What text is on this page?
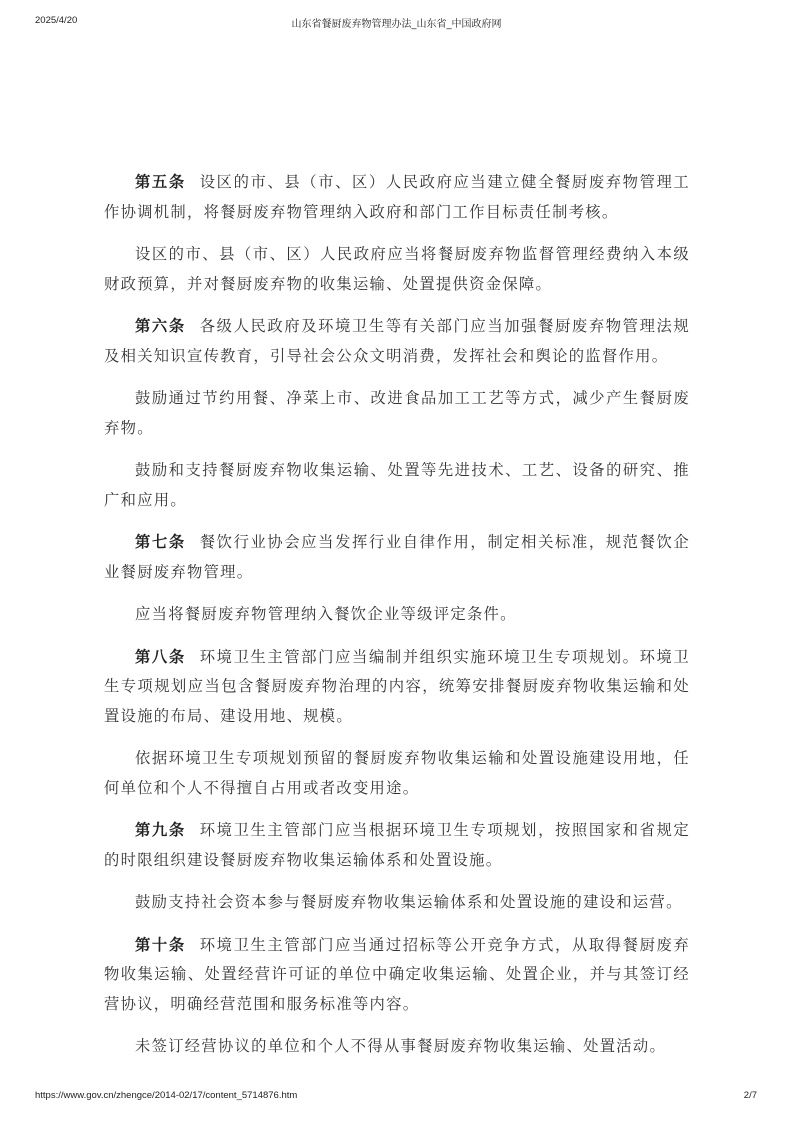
2025/4/20	山东省餐厨废弃物管理办法_山东省_中国政府网

第五条 设区的市、县（市、区）人民政府应当建立健全餐厨废弃物管理工作协调机制，将餐厨废弃物管理纳入政府和部门工作目标责任制考核。

设区的市、县（市、区）人民政府应当将餐厨废弃物监督管理经费纳入本级财政预算，并对餐厨废弃物的收集运输、处置提供资金保障。

第六条 各级人民政府及环境卫生等有关部门应当加强餐厨废弃物管理法规及相关知识宣传教育，引导社会公众文明消费，发挥社会和舆论的监督作用。

鼓励通过节约用餐、净菜上市、改进食品加工工艺等方式，减少产生餐厨废弃物。

鼓励和支持餐厨废弃物收集运输、处置等先进技术、工艺、设备的研究、推广和应用。

第七条 餐饮行业协会应当发挥行业自律作用，制定相关标准，规范餐饮企业餐厨废弃物管理。

应当将餐厨废弃物管理纳入餐饮企业等级评定条件。

第八条 环境卫生主管部门应当编制并组织实施环境卫生专项规划。环境卫生专项规划应当包含餐厨废弃物治理的内容，统筹安排餐厨废弃物收集运输和处置设施的布局、建设用地、规模。

依据环境卫生专项规划预留的餐厨废弃物收集运输和处置设施建设用地，任何单位和个人不得擅自占用或者改变用途。

第九条 环境卫生主管部门应当根据环境卫生专项规划，按照国家和省规定的时限组织建设餐厨废弃物收集运输体系和处置设施。

鼓励支持社会资本参与餐厨废弃物收集运输体系和处置设施的建设和运营。

第十条 环境卫生主管部门应当通过招标等公开竞争方式，从取得餐厨废弃物收集运输、处置经营许可证的单位中确定收集运输、处置企业，并与其签订经营协议，明确经营范围和服务标准等内容。

未签订经营协议的单位和个人不得从事餐厨废弃物收集运输、处置活动。

https://www.gov.cn/zhengce/2014-02/17/content_5714876.htm	2/7
